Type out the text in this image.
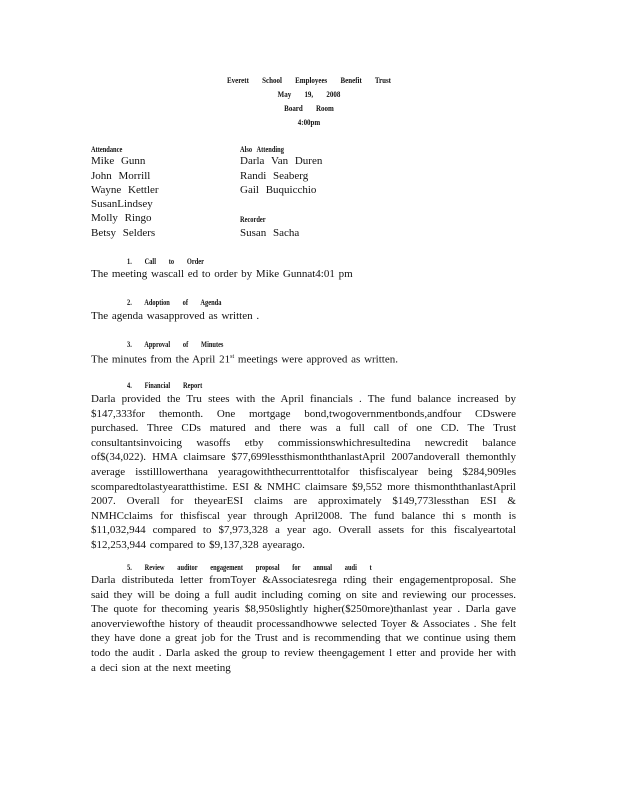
Everett School Employees Benefit Trust
May 19, 2008
Board Room
4:00pm
Attendance
Mike Gunn
John Morrill
Wayne Kettler
SusanLindsey
Molly Ringo
Betsy Selders
Also Attending
Darla Van Duren
Randi Seaberg
Gail Buquicchio
Recorder
Susan Sacha
1. Call to Order
The meeting wascall ed to order by Mike Gunnat4:01 pm
2. Adoption of Agenda
The agenda wasapproved as written .
3. Approval of Minutes
The minutes from the April 21st meetings were approved as written.
4. Financial Report
Darla provided the Tru stees with the April financials . The fund balance increased by $147,333for themonth. One mortgage bond,twogovernmentbonds,andfour CDswere purchased. Three CDs matured and there was a full call of one CD. The Trust consultantsinvoicing wasoffs etby commissionswhichresultedina newcredit balance of$(34,022). HMA claimsare $77,699lessthismonththanlastApril 2007andoverall themonthly average isstilllowerthana yearagowiththecurrenttotalfor thisfiscalyear being $284,909les scomparedtolastyearatthistime. ESI & NMHC claimsare $9,552 more thismonththanlastApril 2007. Overall for theyearESI claims are approximately $149,773lessthan ESI & NMHCclaims for thisfiscal year through April2008. The fund balance thi s month is $11,032,944 compared to $7,973,328 a year ago. Overall assets for this fiscalyeartotal $12,253,944 compared to $9,137,328 ayearago.
5. Review auditor engagement proposal for annual audi t
Darla distributeda letter fromToyer &Associatesrega rding their engagementproposal. She said they will be doing a full audit including coming on site and reviewing our processes. The quote for thecoming yearis $8,950slightly higher($250more)thanlast year . Darla gave anoverviewofthe history of theaudit processandhowwe selected Toyer & Associates . She felt they have done a great job for the Trust and is recommending that we continue using them todo the audit . Darla asked the group to review theengagement l etter and provide her with a deci sion at the next meeting
